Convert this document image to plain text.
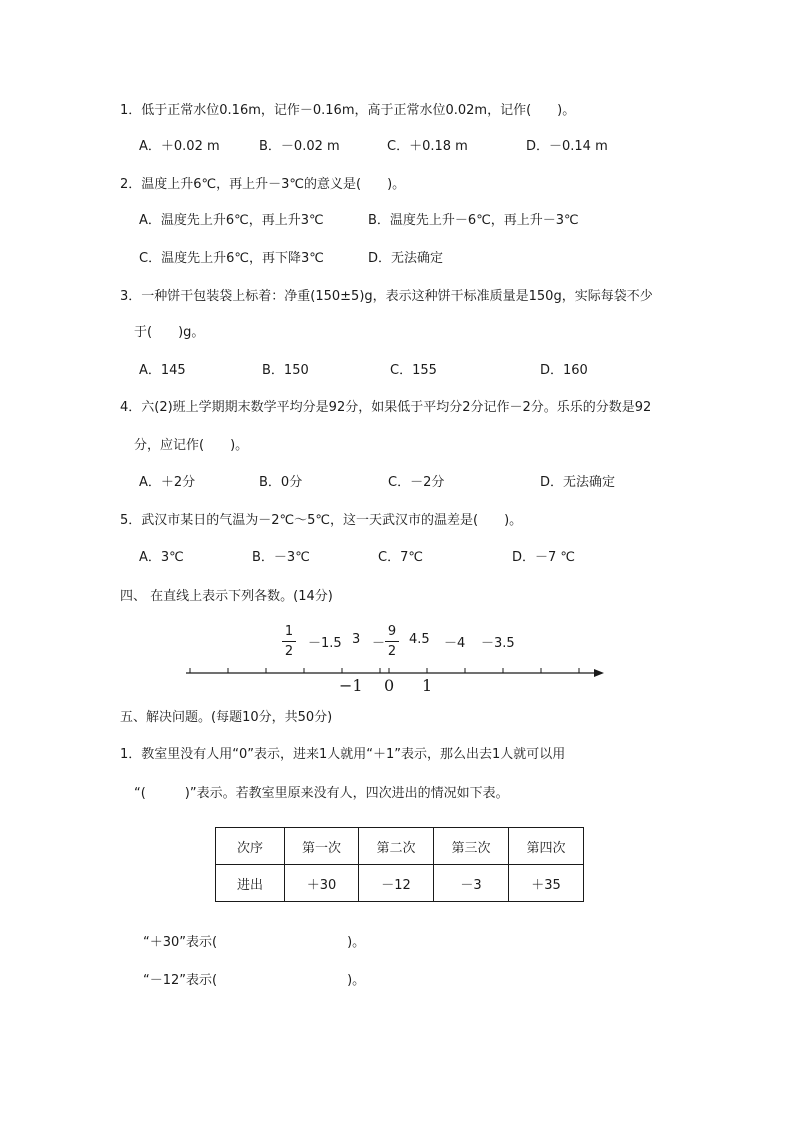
1．低于正常水位0.16m，记作－0.16m，高于正常水位0.02m，记作(　　)。
A．＋0.02 m	B．－0.02 m	C．＋0.18 m	D．－0.14 m
2．温度上升6℃，再上升－3℃的意义是(　　)。
A．温度先上升6℃，再上升3℃	B．温度先上升－6℃，再上升－3℃
C．温度先上升6℃，再下降3℃	D．无法确定
3．一种饼干包装袋上标着：净重(150±5)g，表示这种饼干标准质量是150g，实际每袋不少
于(　　)g。
A．145	B．150	C．155	D．160
4．六(2)班上学期期末数学平均分是92分，如果低于平均分2分记作－2分。乐乐的分数是92
分，应记作(　　)。
A．＋2分	B．0分	C．－2分	D．无法确定
5．武汉市某日的气温为－2℃～5℃，这一天武汉市的温差是(　　)。
A．3℃	B．－3℃	C．7℃	D．－7 ℃
四、 在直线上表示下列各数。(14分)
1
2
－1.5 3 －
9
2
4.5 －4 －3.5
−1 0 1
五、解决问题。(每题10分，共50分)
1．教室里没有人用“0”表示，进来1人就用“＋1”表示，那么出去1人就可以用
“(　　　)”表示。若教室里原来没有人，四次进出的情况如下表。
次序	第一次	第二次	第三次	第四次
进出	＋30	－12	－3	＋35
“＋30”表示(　　　　　　　　　　)。
“－12”表示(　　　　　　　　　　)。
